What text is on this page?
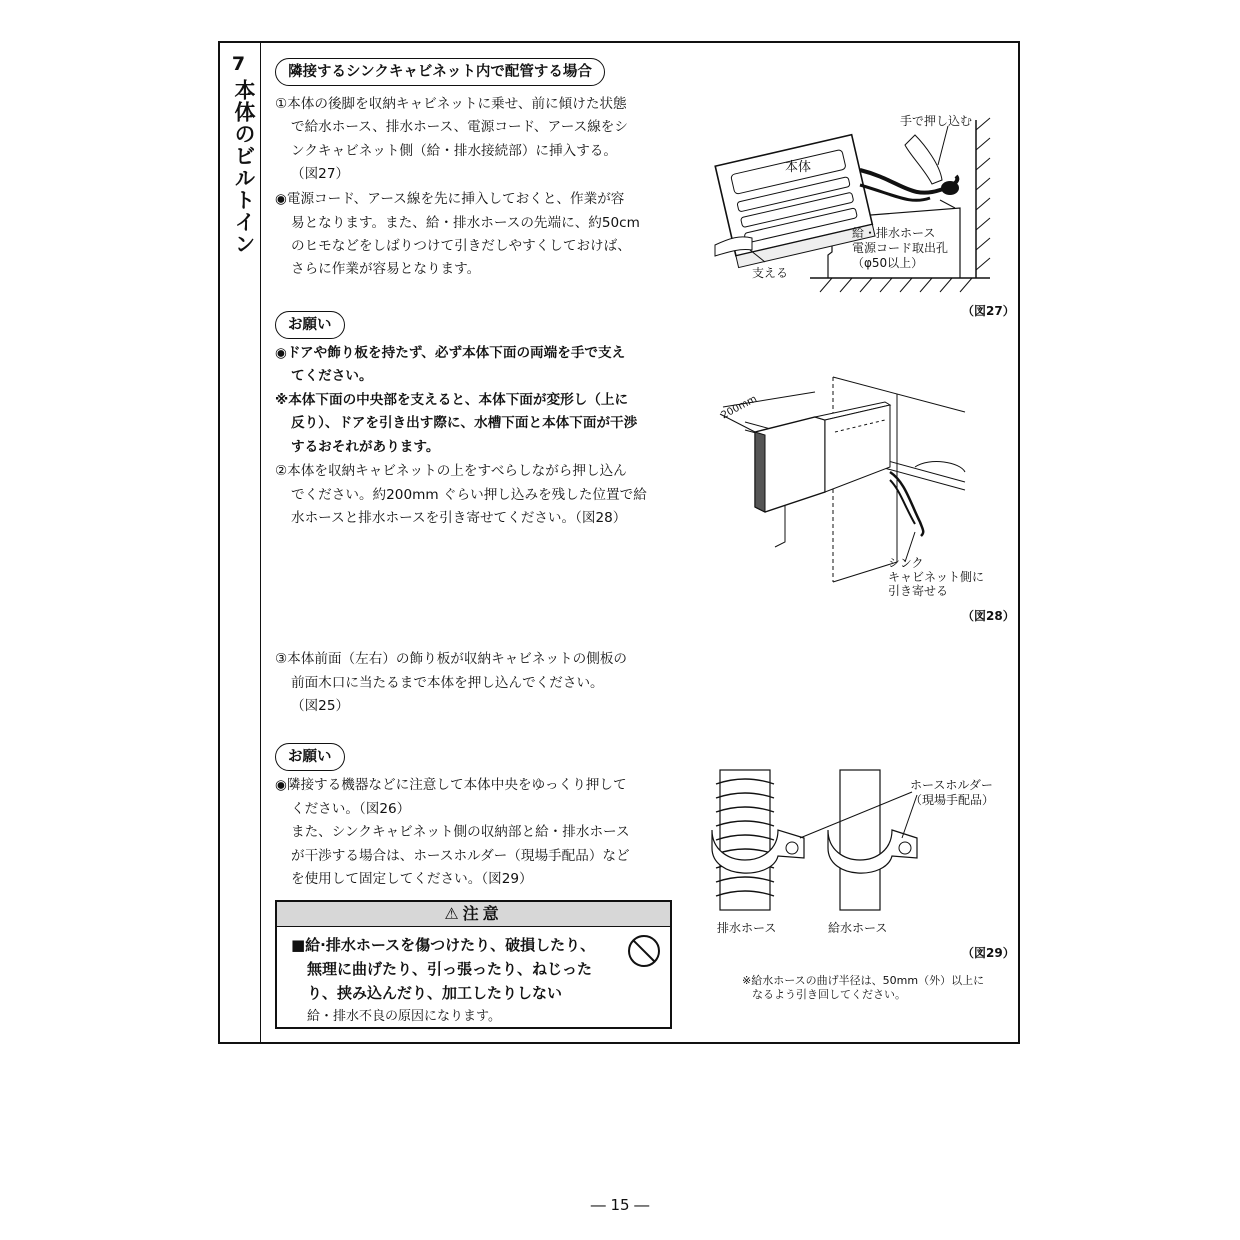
7
本体のビルトイン
隣接するシンクキャビネット内で配管する場合
①本体の後脚を収納キャビネットに乗せ、前に傾けた状態
で給水ホース、排水ホース、電源コード、アース線をシ
ンクキャビネット側（給・排水接続部）に挿入する。
（図27）
◉電源コード、アース線を先に挿入しておくと、作業が容
易となります。また、給・排水ホースの先端に、約50cm
のヒモなどをしばりつけて引きだしやすくしておけば、
さらに作業が容易となります。
お願い
◉ドアや飾り板を持たず、必ず本体下面の両端を手で支え
てください。
※本体下面の中央部を支えると、本体下面が変形し（上に
反り）、ドアを引き出す際に、水槽下面と本体下面が干渉
するおそれがあります。
②本体を収納キャビネットの上をすべらしながら押し込ん
でください。約200mm ぐらい押し込みを残した位置で給
水ホースと排水ホースを引き寄せてください。（図28）
③本体前面（左右）の飾り板が収納キャビネットの側板の
前面木口に当たるまで本体を押し込んでください。
（図25）
お願い
◉隣接する機器などに注意して本体中央をゆっくり押して
ください。（図26）
また、シンクキャビネット側の収納部と給・排水ホース
が干渉する場合は、ホースホルダー（現場手配品）など
を使用して固定してください。（図29）
⚠注意
■給·排水ホースを傷つけたり、破損したり、
無理に曲げたり、引っ張ったり、ねじった
り、挟み込んだり、加工したりしない
給・排水不良の原因になります。
手で押し込む
本体
給・排水ホース
電源コード取出孔
（φ50以上）
支える
（図27）
200mm
シンク
キャビネット側に
引き寄せる
（図28）
ホースホルダー
（現場手配品）
排水ホース	給水ホース
（図29）
※給水ホースの曲げ半径は、50mm（外）以上に
なるよう引き回してください。
― 15 ―
